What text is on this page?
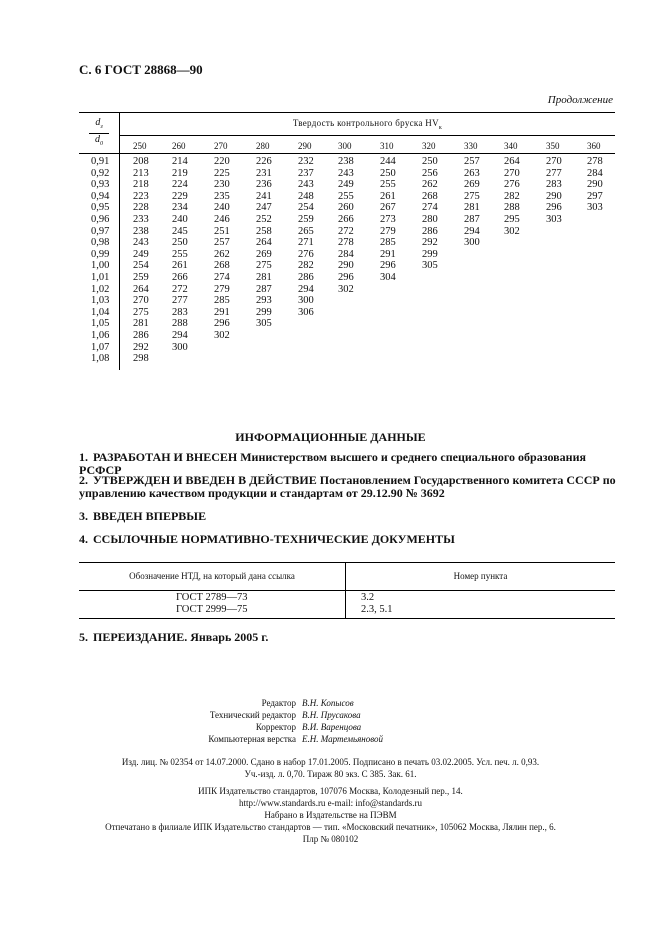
С. 6 ГОСТ 28868—90
Продолжение
$d_з$
$d_0$
Твердость контрольного бруска $HV_к$
250	260	270	280	290	300	310	320	330	340	350	360
0,91 208 214	220	226	232 238	244	250	257 264	270 278
0,92 213 219	225	231	237 243	250	256	263 270	277 284
0,93 218 224	230	236	243 249	255	262	269 276	283 290
0,94 223 229	235	241	248 255	261	268	275 282	290 297
0,95 228 234	240	247	254 260	267	274	281 288	296 303
0,96 233 240	246	252	259 266	273	280	287 295	303
0,97 238 245	251	258	265 272	279	286	294 302
0,98 243 250	257	264	271 278	285	292	300
0,99 249 255	262	269	276 284	291	299
1,00 254 261	268	275	282 290	296	305
1,01 259 266	274	281	286 296	304
1,02 264 272	279	287	294 302
1,03 270 277	285	293	300
1,04 275 283	291	299	306
1,05 281 288	296	305
1,06 286 294	302
1,07 292 300
1,08 298
ИНФОРМАЦИОННЫЕ ДАННЫЕ
1. РАЗРАБОТАН И ВНЕСЕН Министерством высшего и среднего специального образования РСФСР
2. УТВЕРЖДЕН И ВВЕДЕН В ДЕЙСТВИЕ Постановлением Государственного комитета СССР по управлению качеством продукции и стандартам от 29.12.90 № 3692
3. ВВЕДЕН ВПЕРВЫЕ
4. ССЫЛОЧНЫЕ НОРМАТИВНО-ТЕХНИЧЕСКИЕ ДОКУМЕНТЫ
Обозначение НТД, на который дана ссылка	Номер пункта
ГОСТ 2789—73	3.2
ГОСТ 2999—75	2.3, 5.1
5. ПЕРЕИЗДАНИЕ. Январь 2005 г.
Редактор В.Н. Копысов
Технический редактор В.Н. Прусакова
Корректор В.И. Варенцова
Компьютерная верстка Е.Н. Мартемьяновой
Изд. лиц. № 02354 от 14.07.2000. Сдано в набор 17.01.2005. Подписано в печать 03.02.2005. Усл. печ. л. 0,93.
Уч.-изд. л. 0,70. Тираж 80 экз. С 385. Зак. 61.
ИПК Издательство стандартов, 107076 Москва, Колодезный пер., 14.
http://www.standards.ru e-mail: info@standards.ru
Набрано в Издательстве на ПЭВМ
Отпечатано в филиале ИПК Издательство стандартов — тип. «Московский печатник», 105062 Москва, Лялин пер., 6.
Плр № 080102
